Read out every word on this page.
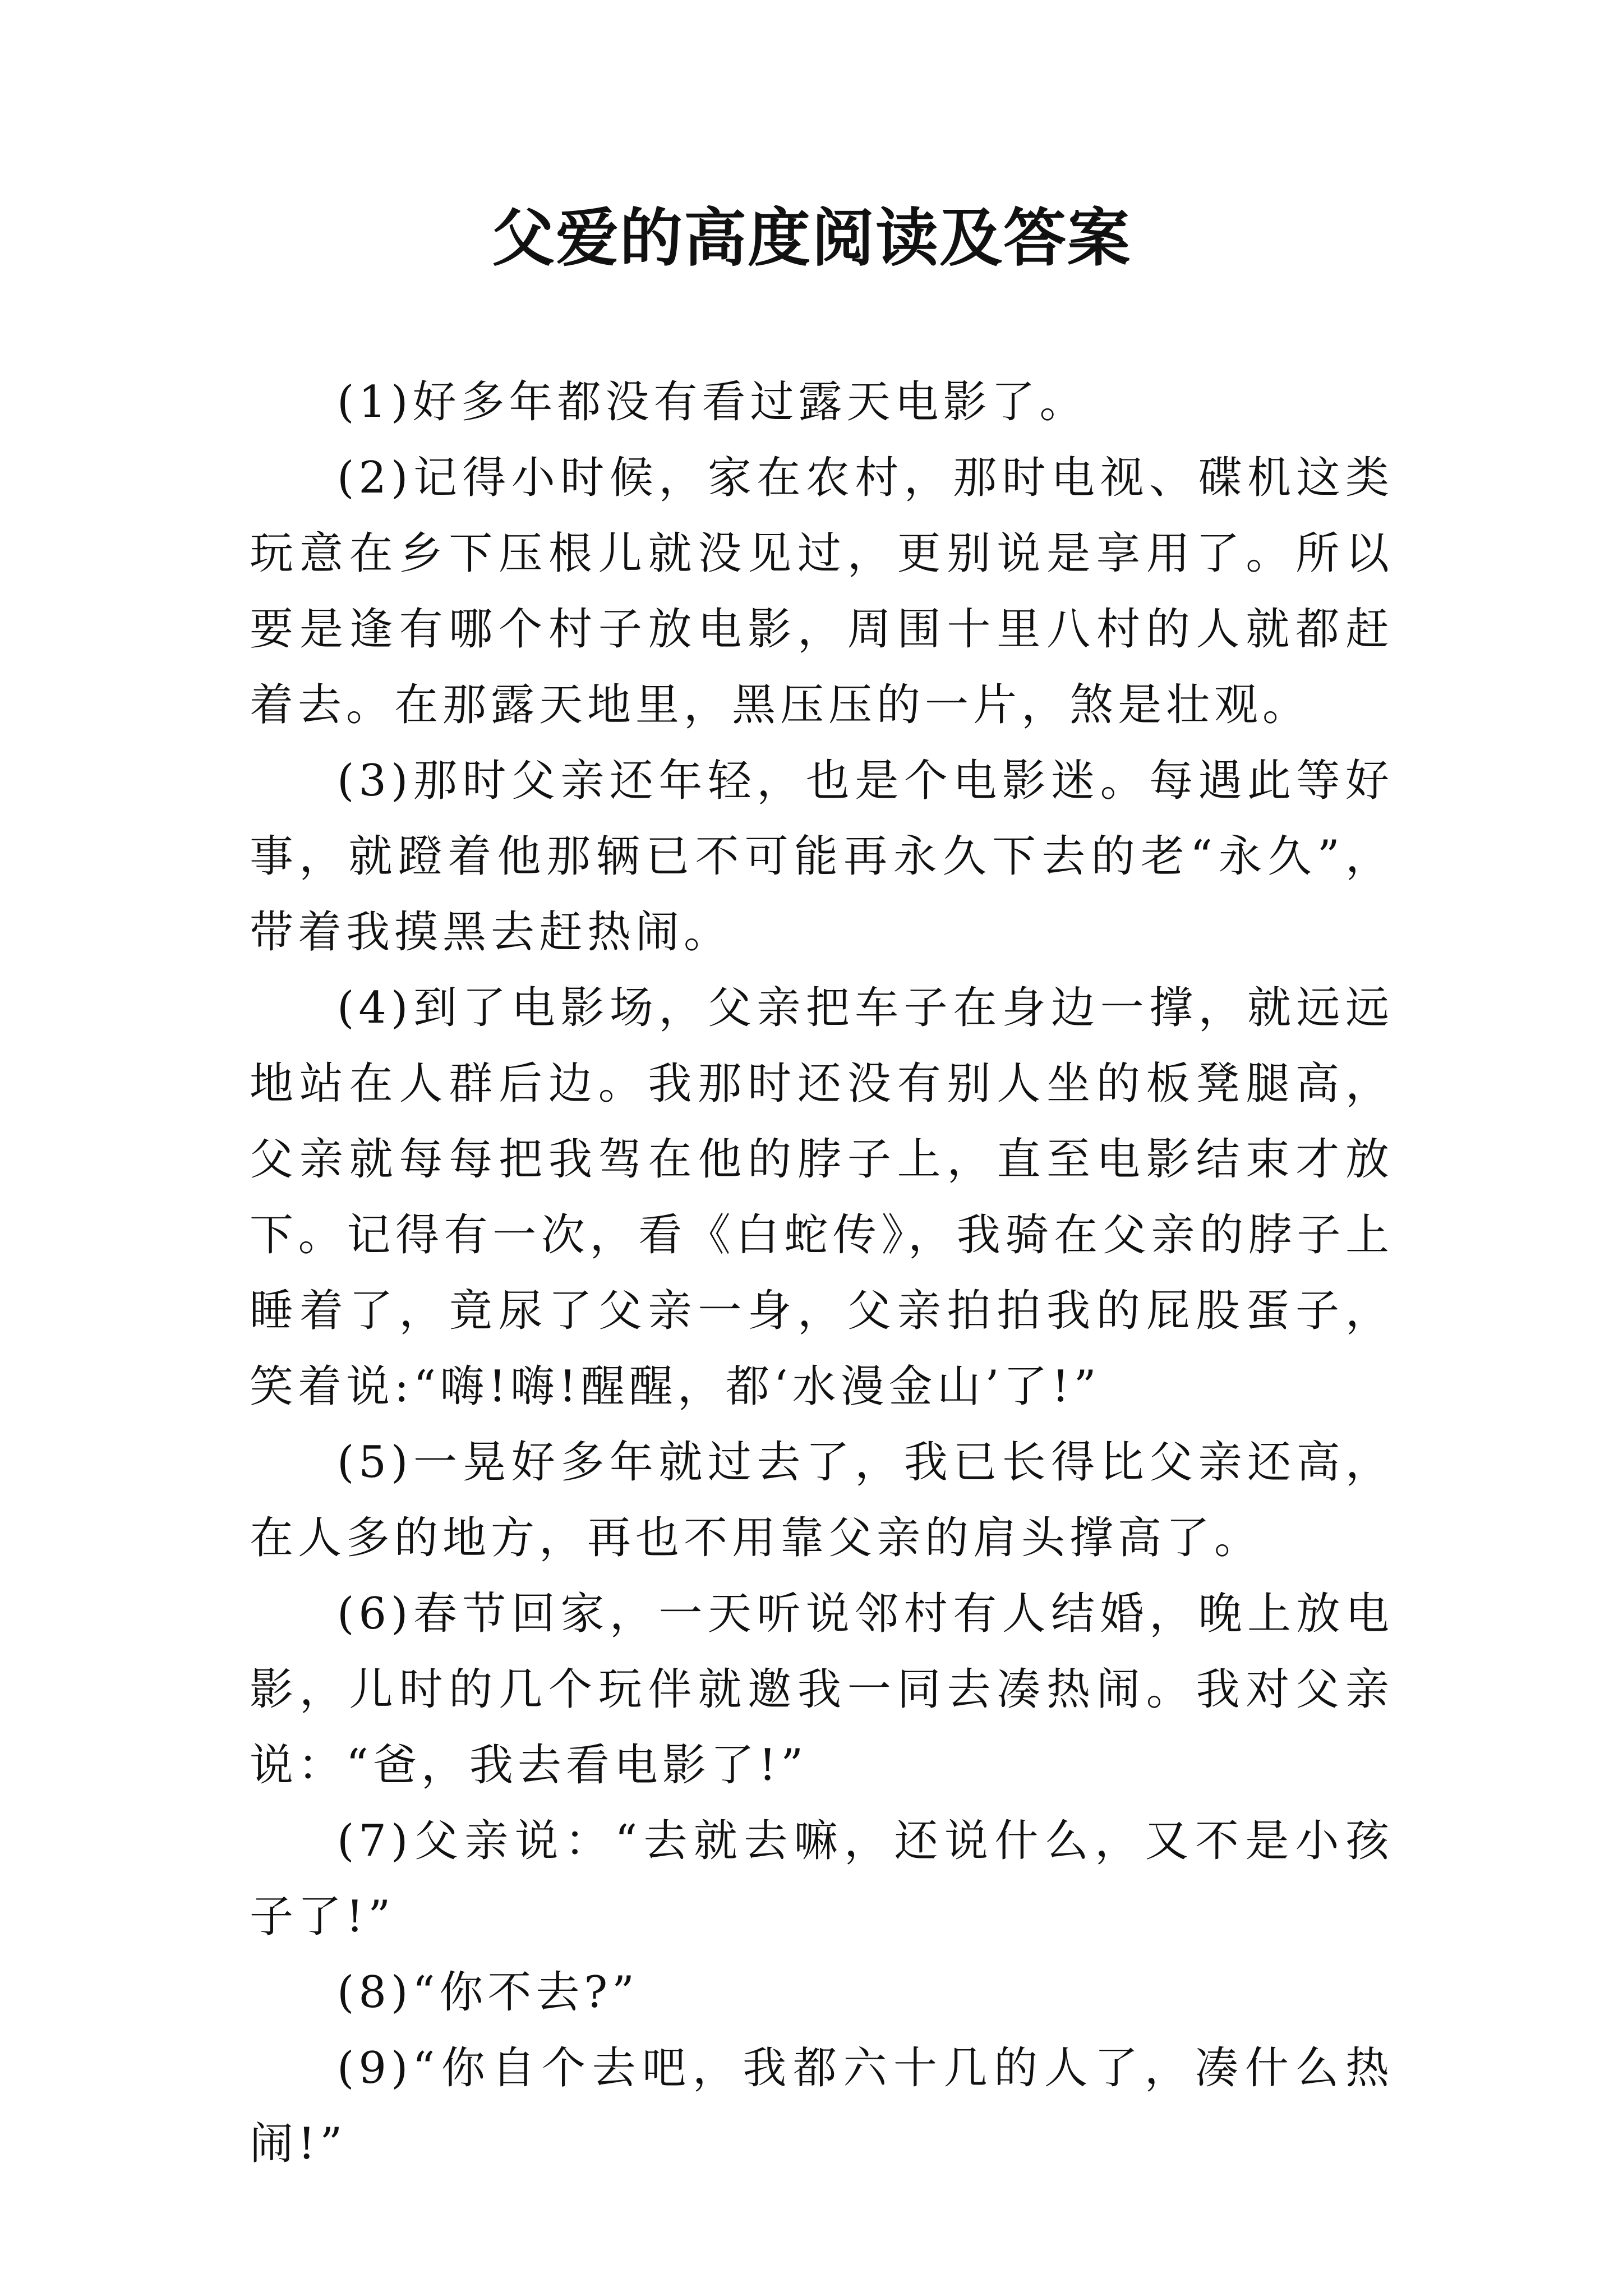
父爱的高度阅读及答案

(1)好多年都没有看过露天电影了。

(2)记得小时候，家在农村，那时电视、碟机这类玩意在乡下压根儿就没见过，更别说是享用了。所以要是逢有哪个村子放电影，周围十里八村的人就都赶着去。在那露天地里，黑压压的一片，煞是壮观。

(3)那时父亲还年轻，也是个电影迷。每遇此等好事，就蹬着他那辆已不可能再永久下去的老“永久”，带着我摸黑去赶热闹。

(4)到了电影场，父亲把车子在身边一撑，就远远地站在人群后边。我那时还没有别人坐的板凳腿高，父亲就每每把我驾在他的脖子上，直至电影结束才放下。记得有一次，看《白蛇传》，我骑在父亲的脖子上睡着了，竟尿了父亲一身，父亲拍拍我的屁股蛋子，笑着说:“嗨!嗨!醒醒，都‘水漫金山’了!”

(5)一晃好多年就过去了，我已长得比父亲还高，在人多的地方，再也不用靠父亲的肩头撑高了。

(6)春节回家，一天听说邻村有人结婚，晚上放电影，儿时的几个玩伴就邀我一同去凑热闹。我对父亲说：“爸，我去看电影了!”

(7)父亲说：“去就去嘛，还说什么，又不是小孩子了!”

(8)“你不去?”

(9)“你自个去吧，我都六十几的人了，凑什么热闹!”
